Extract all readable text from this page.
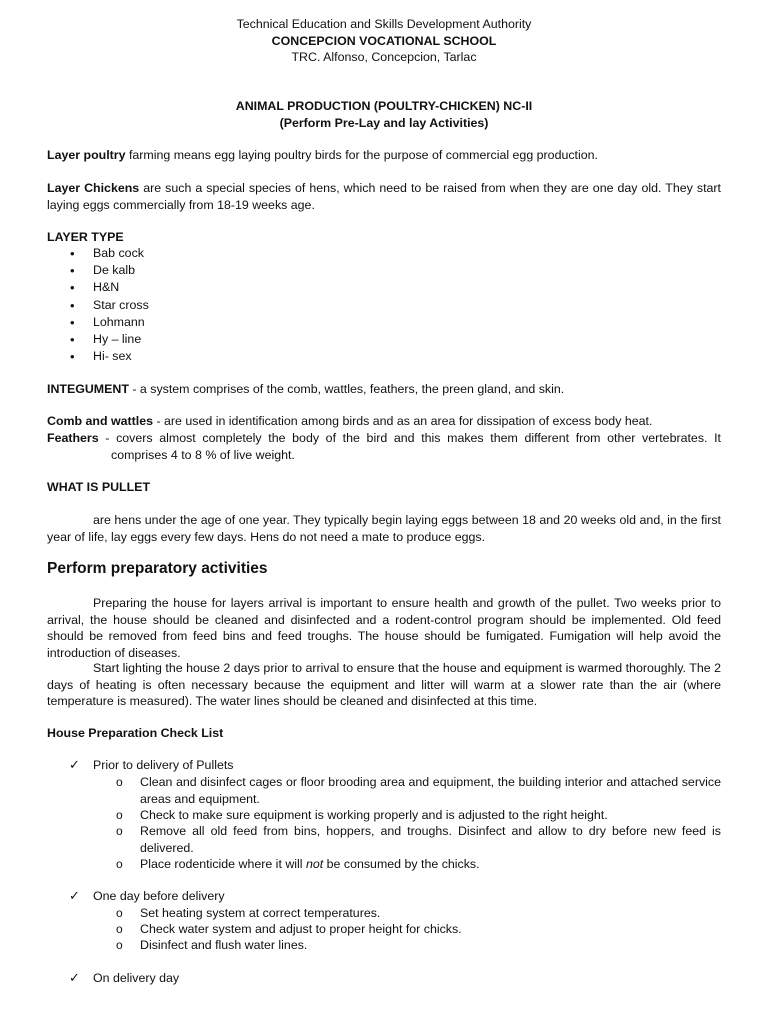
Technical Education and Skills Development Authority
CONCEPCION VOCATIONAL SCHOOL
TRC. Alfonso, Concepcion, Tarlac
ANIMAL PRODUCTION (POULTRY-CHICKEN) NC-II
(Perform Pre-Lay and lay Activities)
Layer poultry farming means egg laying poultry birds for the purpose of commercial egg production.
Layer Chickens are such a special species of hens, which need to be raised from when they are one day old. They start laying eggs commercially from 18-19 weeks age.
LAYER TYPE
• Bab cock
• De kalb
• H&N
• Star cross
• Lohmann
• Hy – line
• Hi- sex
INTEGUMENT - a system comprises of the comb, wattles, feathers, the preen gland, and skin.
Comb and wattles - are used in identification among birds and as an area for dissipation of excess body heat.
Feathers - covers almost completely the body of the bird and this makes them different from other vertebrates. It
comprises 4 to 8 % of live weight.
WHAT IS PULLET
are hens under the age of one year. They typically begin laying eggs between 18 and 20 weeks old and, in the first year of life, lay eggs every few days. Hens do not need a mate to produce eggs.
Perform preparatory activities
Preparing the house for layers arrival is important to ensure health and growth of the pullet. Two weeks prior to arrival, the house should be cleaned and disinfected and a rodent-control program should be implemented. Old feed should be removed from feed bins and feed troughs. The house should be fumigated. Fumigation will help avoid the introduction of diseases.
Start lighting the house 2 days prior to arrival to ensure that the house and equipment is warmed thoroughly. The 2 days of heating is often necessary because the equipment and litter will warm at a slower rate than the air (where temperature is measured). The water lines should be cleaned and disinfected at this time.
House Preparation Check List
✓	Prior to delivery of Pullets
o Clean and disinfect cages or floor brooding area and equipment, the building interior and attached service areas and equipment.
o Check to make sure equipment is working properly and is adjusted to the right height.
o Remove all old feed from bins, hoppers, and troughs. Disinfect and allow to dry before new feed is delivered.
o Place rodenticide where it will not be consumed by the chicks.
✓	One day before delivery
o Set heating system at correct temperatures.
o Check water system and adjust to proper height for chicks.
o Disinfect and flush water lines.
✓	On delivery day
